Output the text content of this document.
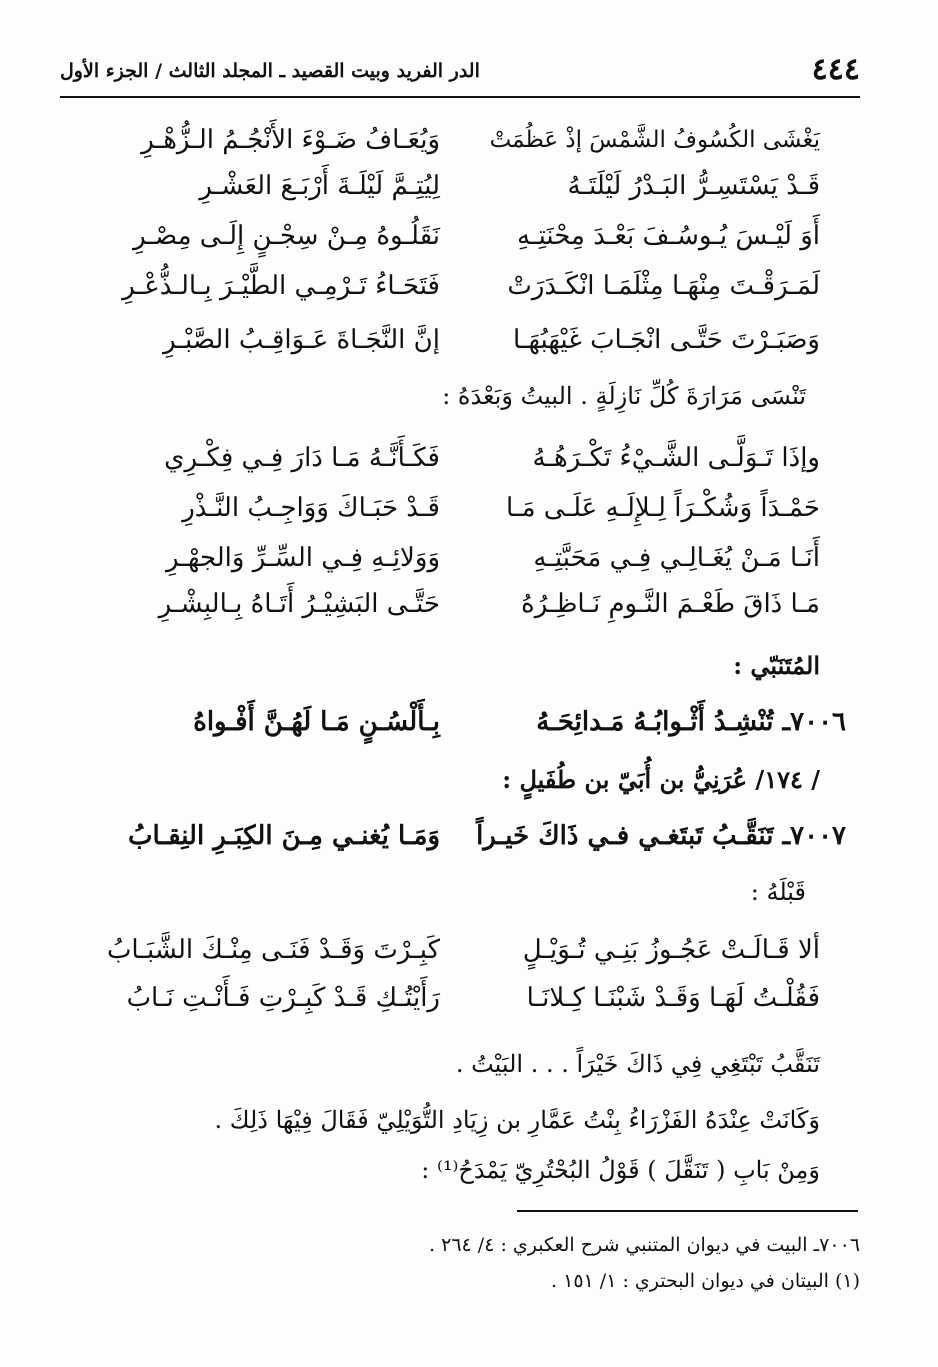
٤٤٤
الدر الفريد وبيت القصيد ـ المجلد الثالث / الجزء الأول
يَغْشَى الكُسُوفُ الشَّمْسَ إذْ عَظُمَتْ
وَيُعَـافُ ضَـوْءَ الأَنْجُـمُ الـزُّهْـرِ
قَـدْ يَسْتَسِـرُّ البَـدْرُ لَيْلَتَـهُ
لِيُتِـمَّ لَيْلَـةَ أَرْبَـعَ العَشْـرِ
أَوَ لَيْـسَ يُـوسُـفَ بَعْـدَ مِحْنَتِـهِ
نَقَلُـوهُ مِـنْ سِجْـنٍ إِلَـى مِصْـرِ
لَمَـرَقْـتَ مِنْهَـا مِثْلَمَـا انْكَـدَرَتْ
فَتَحَـاءُ تَـرْمِـي الطَّيْـرَ بِـالـذُّعْـرِ
وَصَبَـرْتَ حَتَّـى انْجَـابَ غَيْهَبُهَـا
إنَّ النَّجَـاةَ عَـوَاقِـبُ الصَّبْـرِ
تَنْسَى مَرَارَةَ كُلِّ نَازِلَةٍ . البيتُ وَبَعْدَهُ :
وإذَا تَـوَلَّـى الشَّـيْءُ تَكْـرَهُـهُ
فَكَـأَنَّـهُ مَـا دَارَ فِـي فِكْـرِي
حَمْـدَاً وَشُكْـرَاً لِـلإِلَـهِ عَلَـى مَـا
قَـدْ حَبَـاكَ وَوَاجِـبُ النَّـذْرِ
أَنَـا مَـنْ يُغَـالِـي فِـي مَحَبَّتِـهِ
وَوَلائِـهِ فِـي السِّـرِّ وَالجهْـرِ
مَـا ذَاقَ طَعْـمَ النَّـومِ نَـاظِـرُهُ
حَتَّـى البَشِيْـرُ أَتَـاهُ بِـالبِشْـرِ
المُتَنَبّي :
٧٠٠٦ـ تُنْشِـدُ أَثْـوابُـهُ مَـدائِحَـهُ
بِـأَلْسُـنٍ مَـا لَهُـنَّ أَفْـواهُ
/ ١٧٤/ عُرَنِيُّ بن أُبَيّ بن طُفَيلٍ :
٧٠٠٧ـ تَنَقَّـبُ تَبتَغـي فـي ذَاكَ خَيـراً
وَمَـا يُغنـي مِـنَ الكِبَـرِ النِقـابُ
قَبْلَهُ :
ألا قَـالَـتْ عَجُـوزُ بَنِـي تُـوَيْـلٍ
كَبِـرْتَ وَقَـدْ فَنَـى مِنْـكَ الشَّبَـابُ
فَقُلْـتُ لَهَـا وَقَـدْ شَبْنَـا كِـلانَـا
رَأَيْتُـكِ قَـدْ كَبِـرْتِ فَـأَنْـتِ نَـابُ
تَنَقَّبُ تَبْتَغِي فِي ذَاكَ خَيْرَاً . . . البَيْتُ .
وَكَانَتْ عِنْدَهُ الفَزْرَاءُ بِنْتُ عَمَّارِ بن زِيَادِ التُّوَيْلِيّ فَقَالَ فِيْهَا ذَلِكَ .
وَمِنْ بَابِ ( تَنَقَّلَ ) قَوْلُ البُحْتُرِيّ يَمْدَحُ⁽¹⁾ :
٧٠٠٦ـ البيت في ديوان المتنبي شرح العكبري : ٤/ ٢٦٤ .
(١) البيتان في ديوان البحتري : ١/ ١٥١ .
